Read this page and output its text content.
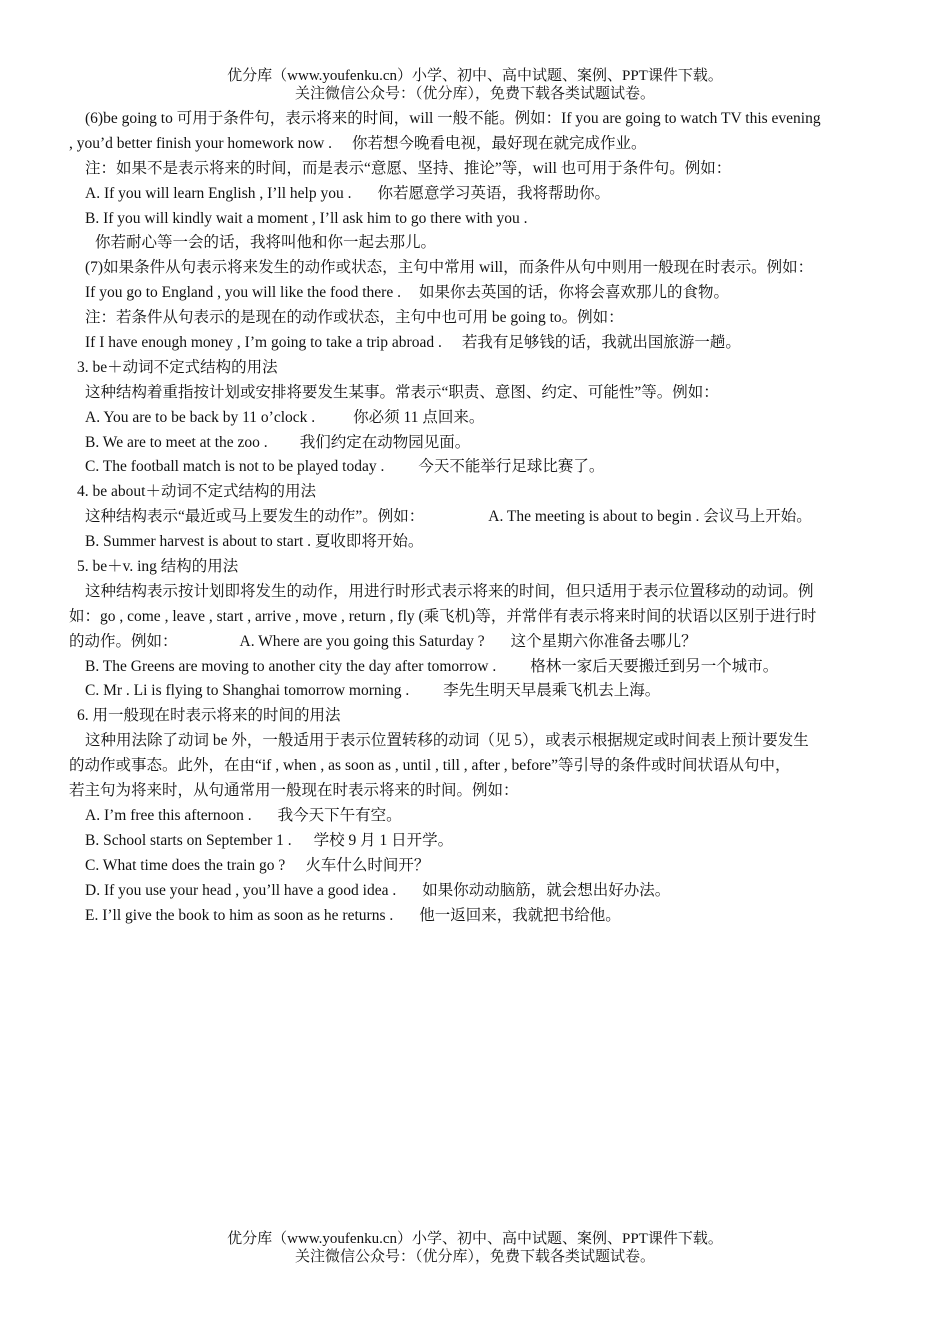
优分库（www.youfenku.cn）小学、初中、高中试题、案例、PPT课件下载。
关注微信公众号：（优分库），免费下载各类试题试卷。
(6)be going to 可用于条件句，表示将来的时间，will 一般不能。例如：If you are going to watch TV this evening
, you’d better finish your homework now . 你若想今晚看电视，最好现在就完成作业。
注：如果不是表示将来的时间，而是表示“意愿、坚持、推论”等，will 也可用于条件句。例如：
A. If you will learn English , I’ll help you . 你若愿意学习英语，我将帮助你。
B. If you will kindly wait a moment , I’ll ask him to go there with you .
你若耐心等一会的话，我将叫他和你一起去那儿。
(7)如果条件从句表示将来发生的动作或状态，主句中常用 will，而条件从句中则用一般现在时表示。例如：
If you go to England , you will like the food there . 如果你去英国的话，你将会喜欢那儿的食物。
注：若条件从句表示的是现在的动作或状态，主句中也可用 be going to。例如：
If I have enough money , I’m going to take a trip abroad . 若我有足够钱的话，我就出国旅游一趟。
3. be＋动词不定式结构的用法
这种结构着重指按计划或安排将要发生某事。常表示“职责、意图、约定、可能性”等。例如：
A. You are to be back by 11 o’clock . 你必须 11 点回来。
B. We are to meet at the zoo . 我们约定在动物园见面。
C. The football match is not to be played today . 今天不能举行足球比赛了。
4. be about＋动词不定式结构的用法
这种结构表示“最近或马上要发生的动作”。例如：	A. The meeting is about to begin . 会议马上开始。
B. Summer harvest is about to start . 夏收即将开始。
5. be＋v. ing 结构的用法
这种结构表示按计划即将发生的动作，用进行时形式表示将来的时间，但只适用于表示位置移动的动词。例
如：go , come , leave , start , arrive , move , return , fly (乘飞机)等，并常伴有表示将来时间的状语以区别于进行时
的动作。例如：	A. Where are you going this Saturday ? 这个星期六你准备去哪儿？
B. The Greens are moving to another city the day after tomorrow . 格林一家后天要搬迁到另一个城市。
C. Mr . Li is flying to Shanghai tomorrow morning . 李先生明天早晨乘飞机去上海。
6. 用一般现在时表示将来的时间的用法
这种用法除了动词 be 外，一般适用于表示位置转移的动词（见 5），或表示根据规定或时间表上预计要发生
的动作或事态。此外，在由“if , when , as soon as , until , till , after , before”等引导的条件或时间状语从句中，
若主句为将来时，从句通常用一般现在时表示将来的时间。例如：
A. I’m free this afternoon . 我今天下午有空。
B. School starts on September 1 . 学校 9 月 1 日开学。
C. What time does the train go ? 火车什么时间开？
D. If you use your head , you’ll have a good idea . 如果你动动脑筋，就会想出好办法。
E. I’ll give the book to him as soon as he returns . 他一返回来，我就把书给他。
优分库（www.youfenku.cn）小学、初中、高中试题、案例、PPT课件下载。
关注微信公众号：（优分库），免费下载各类试题试卷。
